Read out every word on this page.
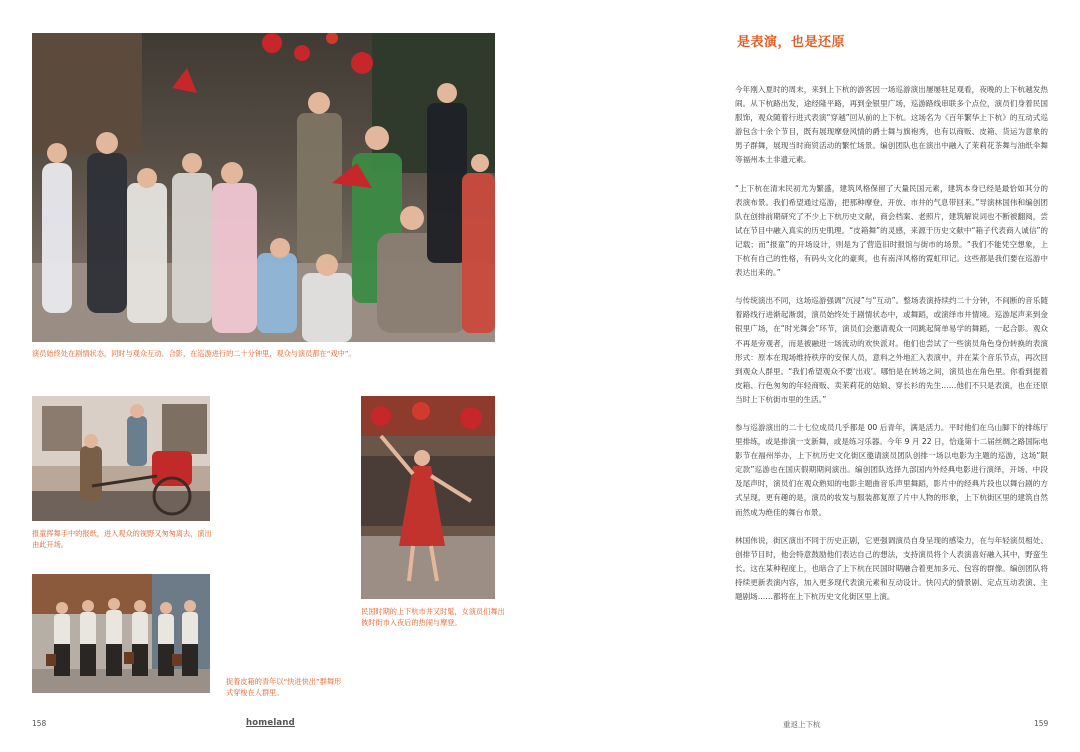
演员始终处在剧情状态，同时与观众互动、合影，在巡游进行的二十分钟里，观众与演员都在“戏中”。
报童挥舞手中的报纸，进入观众的视野又匆匆离去，演出由此开场。
民国时期的上下杭市井又时髦，女演员们舞出彼时街市入夜后的热闹与摩登。
捉着皮箱的青年以“快进快出”群舞形式穿梭在人群里。
158	homeland
是表演，也是还原

今年刚入夏时的周末，来到上下杭的游客因一场巡游演出屡屡驻足观看，夜晚的上下杭越发热闹。从下杭路出发，途经隆平路，再到金银里广场，巡游路线串联多个点位，演员们身着民国服饰，观众随着行进式表演“穿越”回从前的上下杭。这场名为《百年繁华上下杭》的互动式巡游包含十余个节目，既有展现摩登风情的爵士舞与旗袍秀，也有以商贩、皮箱、货运为意象的男子群舞，展现当时商贸活动的繁忙场景。编创团队也在演出中融入了茉莉花茶舞与油纸伞舞等福州本土非遗元素。

“上下杭在清末民初尤为繁盛，建筑风格保留了大量民国元素，建筑本身已经是最恰如其分的表演布景。我们希望通过巡游，把那种摩登、开放、市井的气息带回来。”导演林国伟和编创团队在创排前期研究了不少上下杭历史文献，商会档案、老照片，建筑解说词也不断被翻阅，尝试在节目中融入真实的历史肌理。“皮箱舞”的灵感，来源于历史文献中“箱子代表商人诚信”的记载；而“报童”的开场设计，则是为了营造旧时报馆与街市的场景。“我们不能凭空想象，上下杭有自己的性格，有码头文化的豪爽，也有南洋风格的霓虹印记。这些都是我们要在巡游中表达出来的。”

与传统演出不同，这场巡游强调“沉浸”与“互动”。整场表演持续约二十分钟，不间断的音乐随着路线行进渐起渐弱，演员始终处于剧情状态中，或舞蹈，或演绎市井情境。巡游尾声来到金银里广场，在“时光舞会”环节，演员们会邀请观众一同跳起简单易学的舞蹈，一起合影。观众不再是旁观者，而是被融进一场流动的欢快派对。他们也尝试了一些演员角色身份转换的表演形式：原本在现场维持秩序的安保人员，意料之外地汇入表演中，并在某个音乐节点，再次回到观众人群里。“我们希望观众不要‘出戏’。哪怕是在转场之间，演员也在角色里。你看到提着皮箱、行色匆匆的年轻商贩、卖茉莉花的姑娘、穿长衫的先生……他们不只是表演，也在还原当时上下杭街市里的生活。”

参与巡游演出的二十七位成员几乎都是 00 后青年，满是活力。平时他们在乌山脚下的排练厅里排练，或是排演一支新舞，或是练习乐器。今年 9 月 22 日，恰逢第十二届丝绸之路国际电影节在福州举办，上下杭历史文化街区邀请演员团队创排一场以电影为主题的巡游，这场“限定款”巡游也在国庆假期期间演出。编创团队选择九部国内外经典电影进行演绎，开场、中段及尾声时，演员们在观众熟知的电影主题曲音乐声里舞蹈，影片中的经典片段也以舞台剧的方式呈现，更有趣的是，演员的妆发与服装都复原了片中人物的形象，上下杭街区里的建筑自然而然成为绝佳的舞台布景。

林国伟说，街区演出不同于历史正剧，它更强调演员自身呈现的感染力，在与年轻演员相处、创排节目时，他会特意鼓励他们表达自己的想法，支持演员将个人表演喜好融入其中，野蛮生长。这在某种程度上，也暗合了上下杭在民国时期融合着更加多元、包容的群像。编创团队将持续更新表演内容，加入更多现代表演元素和互动设计。快闪式的情景剧、定点互动表演、主题剧场……都将在上下杭历史文化街区里上演。

重返上下杭	159
